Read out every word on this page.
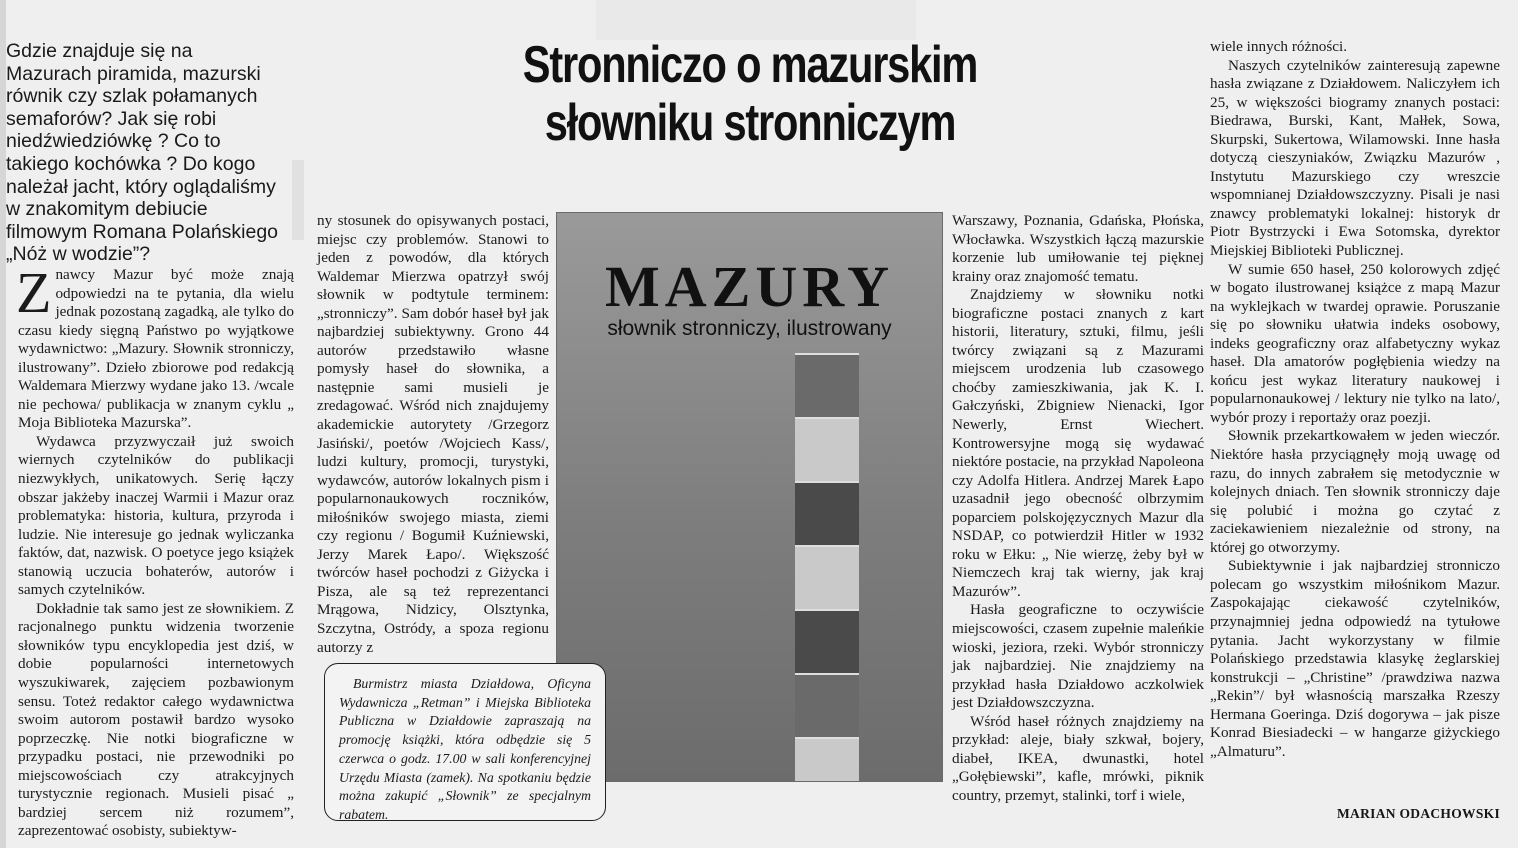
Gdzie znajduje się na Mazurach piramida, mazurski równik czy szlak połamanych semaforów? Jak się robi niedźwiedziówkę ? Co to takiego kochówka ? Do kogo należał jacht, który oglądaliśmy w znakomitym debiucie filmowym Romana Polańskiego „Nóż w wodzie”?
Stronniczo o mazurskim słowniku stronniczym

Znawcy Mazur być może znają odpowiedzi na te pytania, dla wielu jednak pozostaną zagadką, ale tylko do czasu kiedy sięgną Państwo po wyjątkowe wydawnictwo: „Mazury. Słownik stronniczy, ilustrowany”. Dzieło zbiorowe pod redakcją Waldemara Mierzwy wydane jako 13. /wcale nie pechowa/ publikacja w znanym cyklu „ Moja Biblioteka Mazurska”.

Wydawca przyzwyczaił już swoich wiernych czytelników do publikacji niezwykłych, unikatowych. Serię łączy obszar jakżeby inaczej Warmii i Mazur oraz problematyka: historia, kultura, przyroda i ludzie. Nie interesuje go jednak wyliczanka faktów, dat, nazwisk. O poetyce jego książek stanowią uczucia bohaterów, autorów i samych czytelników.

Dokładnie tak samo jest ze słownikiem. Z racjonalnego punktu widzenia tworzenie słowników typu encyklopedia jest dziś, w dobie popularności internetowych wyszukiwarek, zajęciem pozbawionym sensu. Toteż redaktor całego wydawnictwa swoim autorom postawił bardzo wysoko poprzeczkę. Nie notki biograficzne w przypadku postaci, nie przewodniki po miejscowościach czy atrakcyjnych turystycznie regionach. Musieli pisać „ bardziej sercem niż rozumem”, zaprezentować osobisty, subiektyw-

ny stosunek do opisywanych postaci, miejsc czy problemów. Stanowi to jeden z powodów, dla których Waldemar Mierzwa opatrzył swój słownik w podtytule terminem: „stronniczy”. Sam dobór haseł był jak najbardziej subiektywny. Grono 44 autorów przedstawiło własne pomysły haseł do słownika, a następnie sami musieli je zredagować. Wśród nich znajdujemy akademickie autorytety /Grzegorz Jasiński/, poetów /Wojciech Kass/, ludzi kultury, promocji, turystyki, wydawców, autorów lokalnych pism i popularnonaukowych roczników, miłośników swojego miasta, ziemi czy regionu / Bogumił Kuźniewski, Jerzy Marek Łapo/. Większość twórców haseł pochodzi z Giżycka i Pisza, ale są też reprezentanci Mrągowa, Nidzicy, Olsztynka, Szczytna, Ostródy, a spoza regionu autorzy z

MAZURY
słownik stronniczy, ilustrowany

Burmistrz miasta Działdowa, Oficyna Wydawnicza „Retman” i Miejska Biblioteka Publiczna w Działdowie zapraszają na promocję książki, która odbędzie się 5 czerwca o godz. 17.00 w sali konferencyjnej Urzędu Miasta (zamek). Na spotkaniu będzie można zakupić „Słownik” ze specjalnym rabatem.

Warszawy, Poznania, Gdańska, Płońska, Włocławka. Wszystkich łączą mazurskie korzenie lub umiłowanie tej pięknej krainy oraz znajomość tematu.

Znajdziemy w słowniku notki biograficzne postaci znanych z kart historii, literatury, sztuki, filmu, jeśli twórcy związani są z Mazurami miejscem urodzenia lub czasowego choćby zamieszkiwania, jak K. I. Gałczyński, Zbigniew Nienacki, Igor Newerly, Ernst Wiechert. Kontrowersyjne mogą się wydawać niektóre postacie, na przykład Napoleona czy Adolfa Hitlera. Andrzej Marek Łapo uzasadnił jego obecność olbrzymim poparciem polskojęzycznych Mazur dla NSDAP, co potwierdził Hitler w 1932 roku w Ełku: „ Nie wierzę, żeby był w Niemczech kraj tak wierny, jak kraj Mazurów”.

Hasła geograficzne to oczywiście miejscowości, czasem zupełnie maleńkie wioski, jeziora, rzeki. Wybór stronniczy jak najbardziej. Nie znajdziemy na przykład hasła Działdowo aczkolwiek jest Działdowszczyzna.

Wśród haseł różnych znajdziemy na przykład: aleje, biały szkwał, bojery, diabeł, IKEA, dwunastki, hotel „Gołębiewski”, kafle, mrówki, piknik country, przemyt, stalinki, torf i wiele,

wiele innych różności.

Naszych czytelników zainteresują zapewne hasła związane z Działdowem. Naliczyłem ich 25, w większości biogramy znanych postaci: Biedrawa, Burski, Kant, Małłek, Sowa, Skurpski, Sukertowa, Wilamowski. Inne hasła dotyczą cieszyniaków, Związku Mazurów , Instytutu Mazurskiego czy wreszcie wspomnianej Działdowszczyzny. Pisali je nasi znawcy problematyki lokalnej: historyk dr Piotr Bystrzycki i Ewa Sotomska, dyrektor Miejskiej Biblioteki Publicznej.

W sumie 650 haseł, 250 kolorowych zdjęć w bogato ilustrowanej książce z mapą Mazur na wyklejkach w twardej oprawie. Poruszanie się po słowniku ułatwia indeks osobowy, indeks geograficzny oraz alfabetyczny wykaz haseł. Dla amatorów pogłębienia wiedzy na końcu jest wykaz literatury naukowej i popularnonaukowej / lektury nie tylko na lato/, wybór prozy i reportaży oraz poezji.

Słownik przekartkowałem w jeden wieczór. Niektóre hasła przyciągnęły moją uwagę od razu, do innych zabrałem się metodycznie w kolejnych dniach. Ten słownik stronniczy daje się polubić i można go czytać z zaciekawieniem niezależnie od strony, na której go otworzymy.

Subiektywnie i jak najbardziej stronniczo polecam go wszystkim miłośnikom Mazur. Zaspokajając ciekawość czytelników, przynajmniej jedna odpowiedź na tytułowe pytania. Jacht wykorzystany w filmie Polańskiego przedstawia klasykę żeglarskiej konstrukcji – „Christine” /prawdziwa nazwa „Rekin”/ był własnością marszałka Rzeszy Hermana Goeringa. Dziś dogorywa – jak pisze Konrad Biesiadecki – w hangarze giżyckiego „Almaturu”.

MARIAN ODACHOWSKI
